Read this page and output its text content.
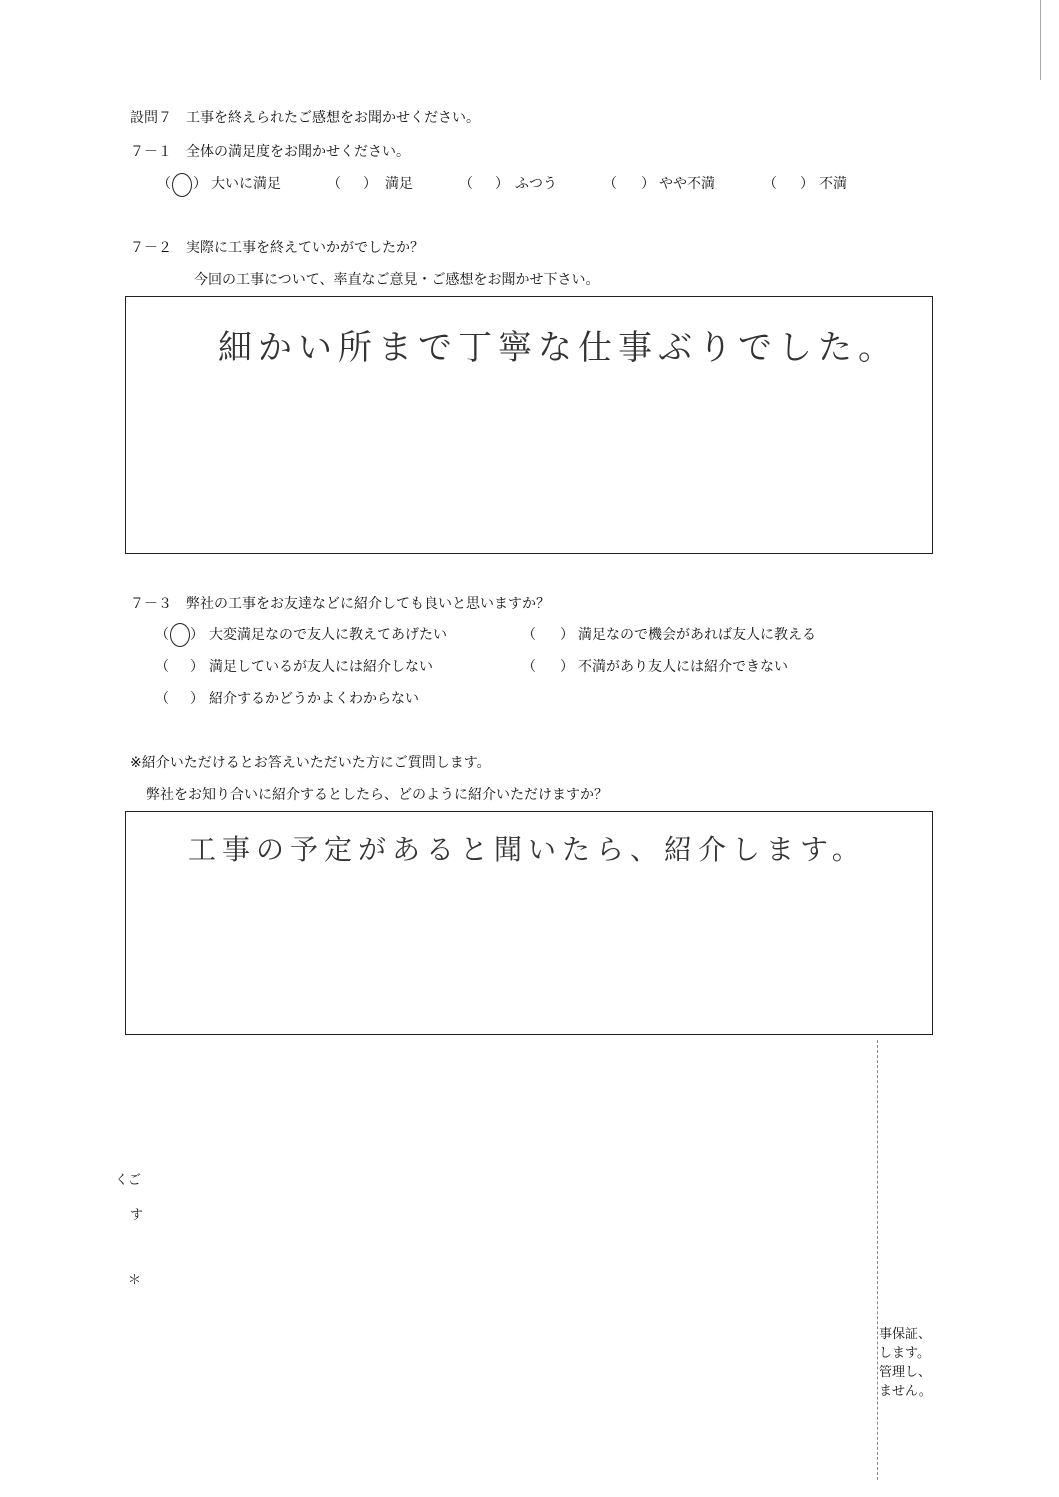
設問７　工事を終えられたご感想をお聞かせください。
７－１　全体の満足度をお聞かせください。
（ ） 大いに満足	（ ） 満足	（ ） ふつう	（ ） やや不満	（ ） 不満
７－２　実際に工事を終えていかがでしたか？
今回の工事について、率直なご意見・ご感想をお聞かせ下さい。
細かい所まで丁寧な仕事ぶりでした。
７－３　弊社の工事をお友達などに紹介しても良いと思いますか？
（ ） 大変満足なので友人に教えてあげたい	（ ） 満足なので機会があれば友人に教える
（ ） 満足しているが友人には紹介しない	（ ） 不満があり友人には紹介できない
（ ） 紹介するかどうかよくわからない
※紹介いただけるとお答えいただいた方にご質問します。
弊社をお知り合いに紹介するとしたら、どのように紹介いただけますか？
工事の予定があると聞いたら、紹介します。
くご
す
＊
事保証、
します。
管理し、
ません。
